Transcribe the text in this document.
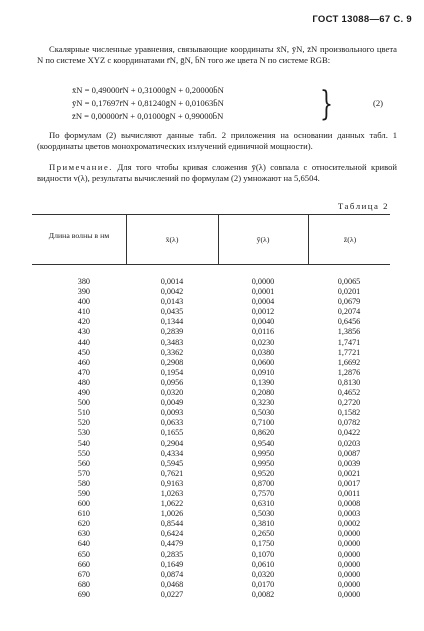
ГОСТ 13088—67 С. 9
Скалярные численные уравнения, связывающие координаты x̄N, ȳN, z̄N произвольного цвета N по системе XYZ с координатами r̄N, ḡN, b̄N того же цвета N по системе RGB:
x̄N = 0,49000r̄N + 0,31000ḡN + 0,20000b̄N
ȳN = 0,17697r̄N + 0,81240ḡN + 0,01063b̄N
z̄N = 0,00000r̄N + 0,01000ḡN + 0,99000b̄N	}	(2)
По формулам (2) вычисляют данные табл. 2 приложения на основании данных табл. 1 (координаты цветов монохроматических излучений единичной мощности).
Примечание. Для того чтобы кривая сложения ȳ(λ) совпала с относительной кривой видности v(λ), результаты вычислений по формулам (2) умножают на 5,6504.
Таблица 2
Длина волны в нм	x̄(λ)	ȳ(λ)	z̄(λ)
380	0,0014	0,0000	0,0065
390	0,0042	0,0001	0,0201
400	0,0143	0,0004	0,0679
410	0,0435	0,0012	0,2074
420	0,1344	0,0040	0,6456
430	0,2839	0,0116	1,3856
440	0,3483	0,0230	1,7471
450	0,3362	0,0380	1,7721
460	0,2908	0,0600	1,6692
470	0,1954	0,0910	1,2876
480	0,0956	0,1390	0,8130
490	0,0320	0,2080	0,4652
500	0,0049	0,3230	0,2720
510	0,0093	0,5030	0,1582
520	0,0633	0,7100	0,0782
530	0,1655	0,8620	0,0422
540	0,2904	0,9540	0,0203
550	0,4334	0,9950	0,0087
560	0,5945	0,9950	0,0039
570	0,7621	0,9520	0,0021
580	0,9163	0,8700	0,0017
590	1,0263	0,7570	0,0011
600	1,0622	0,6310	0,0008
610	1,0026	0,5030	0,0003
620	0,8544	0,3810	0,0002
630	0,6424	0,2650	0,0000
640	0,4479	0,1750	0,0000
650	0,2835	0,1070	0,0000
660	0,1649	0,0610	0,0000
670	0,0874	0,0320	0,0000
680	0,0468	0,0170	0,0000
690	0,0227	0,0082	0,0000
